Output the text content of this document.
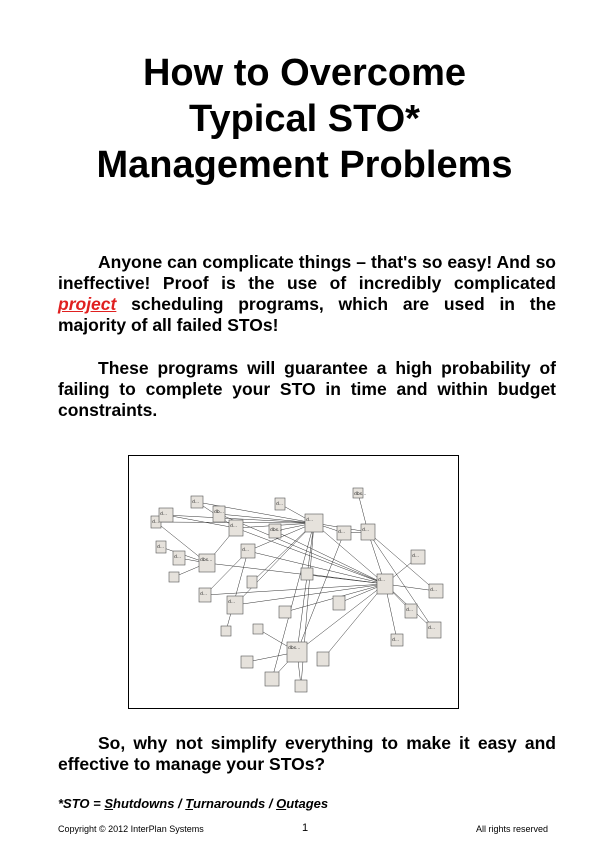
How to Overcome
Typical STO*
Management Problems
Anyone can complicate things – that's so easy! And so ineffective! Proof is the use of incredibly complicated project scheduling programs, which are used in the majority of all failed STOs!
These programs will guarantee a high probability of failing to complete your STO in time and within budget constraints.
d...
d...
d...
d...
dbs...
d...
db...
d...
d...
d...
d...
d...
dbs...
d...
d...	d...
dbs...
d...
d...
d...
d...
d...
d...
dbs...
So, why not simplify everything to make it easy and effective to manage your STOs?
*STO = Shutdowns / Turnarounds / Outages
Copyright © 2012 InterPlan Systems	1	All rights reserved
